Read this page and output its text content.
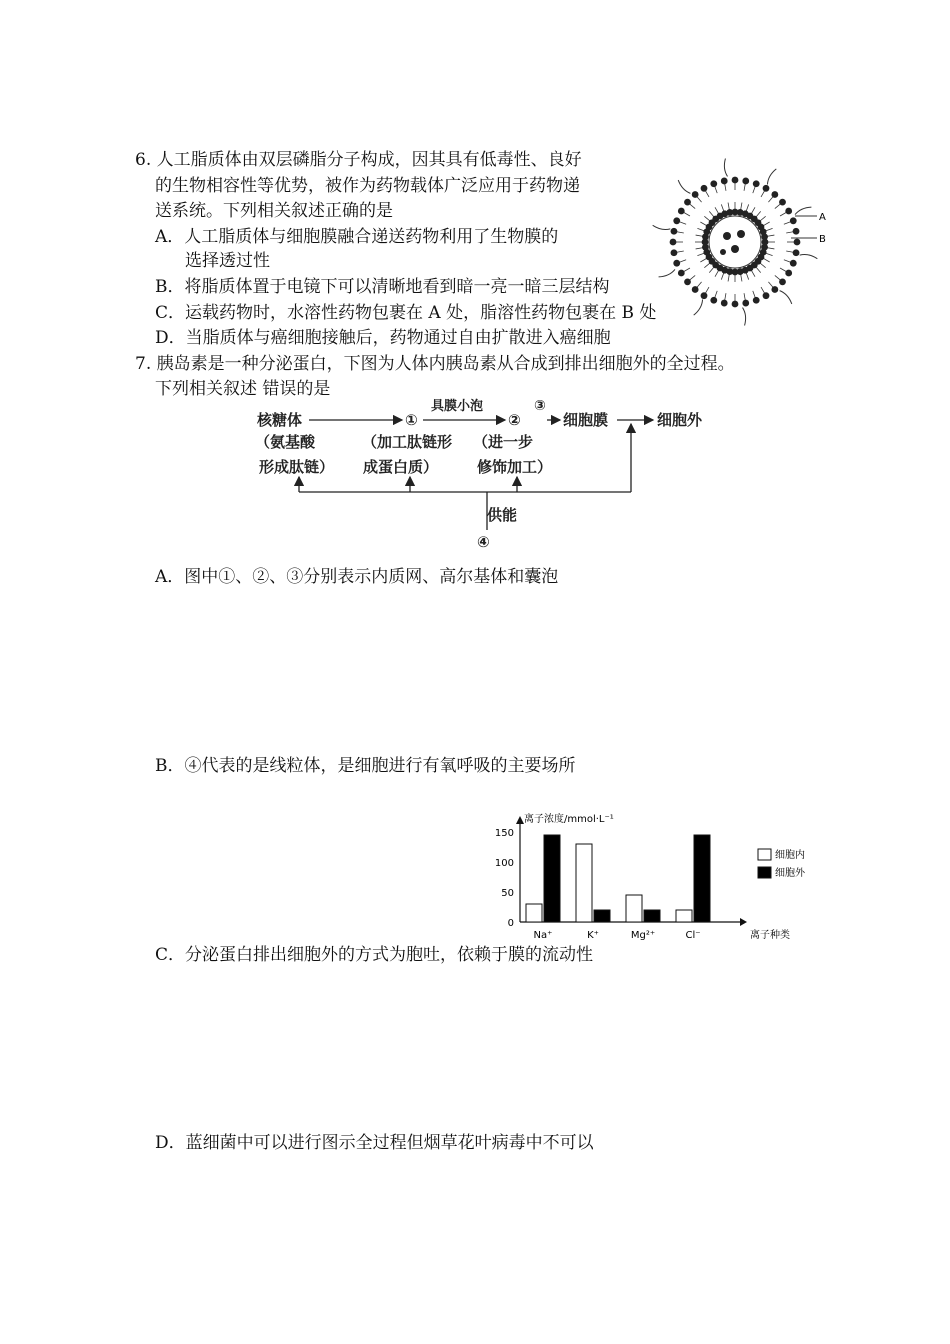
6. 人工脂质体由双层磷脂分子构成，因其具有低毒性、良好
的生物相容性等优势，被作为药物载体广泛应用于药物递
送系统。下列相关叙述正确的是
A．人工脂质体与细胞膜融合递送药物利用了生物膜的
选择透过性
B．将脂质体置于电镜下可以清晰地看到暗一亮一暗三层结构
C．运载药物时，水溶性药物包裹在 A 处，脂溶性药物包裹在 B 处
D．当脂质体与癌细胞接触后，药物通过自由扩散进入癌细胞
A
B
7. 胰岛素是一种分泌蛋白，下图为人体内胰岛素从合成到排出细胞外的全过程。
下列相关叙述 错误的是
核糖体
（氨基酸
形成肽链）
①
（加工肽链形
成蛋白质）
具膜小泡
②
③
（进一步
修饰加工）
细胞膜	细胞外
供能
④
A．图中①、②、③分别表示内质网、高尔基体和囊泡
B．④代表的是线粒体，是细胞进行有氧呼吸的主要场所
离子浓度/mmol·L⁻¹
离子种类
150
100
50
0
Na⁺	K⁺	Mg²⁺	Cl⁻
细胞内
细胞外
C．分泌蛋白排出细胞外的方式为胞吐，依赖于膜的流动性
D．蓝细菌中可以进行图示全过程但烟草花叶病毒中不可以
